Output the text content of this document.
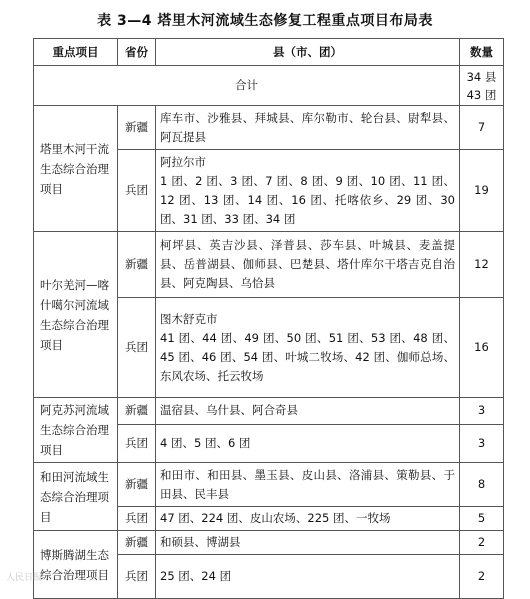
表 3—4 塔里木河流域生态修复工程重点项目布局表
重点项目	省份	县（市、团）	数量
合计			34 县
43 团

塔里木河干流生态综合治理项目	新疆	库车市、沙雅县、拜城县、库尔勒市、轮台县、尉犁县、阿瓦提县	7
	兵团	阿拉尔市
1 团、2 团、3 团、7 团、8 团、9 团、10 团、11 团、12 团、13 团、14 团、16 团、托喀依乡、29 团、30 团、31 团、33 团、34 团	19
叶尔羌河—喀什噶尔河流域生态综合治理项目	新疆	柯坪县、英吉沙县、泽普县、莎车县、叶城县、麦盖提县、岳普湖县、伽师县、巴楚县、塔什库尔干塔吉克自治县、阿克陶县、乌恰县	12
	兵团	图木舒克市
41 团、44 团、49 团、50 团、51 团、53 团、48 团、45 团、46 团、54 团、叶城二牧场、42 团、伽师总场、东风农场、托云牧场	16
阿克苏河流域生态综合治理项目	新疆	温宿县、乌什县、阿合奇县	3
	兵团	4 团、5 团、6 团	3
和田河流域生态综合治理项目	新疆	和田市、和田县、墨玉县、皮山县、洛浦县、策勒县、于田县、民丰县	8
	兵团	47 团、224 团、皮山农场、225 团、一牧场	5
博斯腾湖生态综合治理项目	新疆	和硕县、博湖县	2
	兵团	25 团、24 团	2
人民日报
